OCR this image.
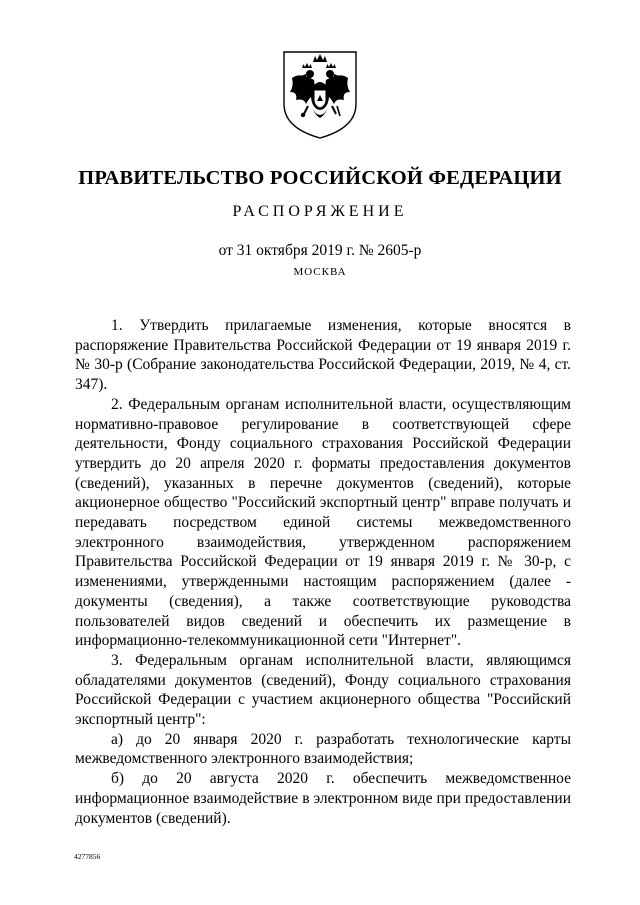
ПРАВИТЕЛЬСТВО РОССИЙСКОЙ ФЕДЕРАЦИИ
РАСПОРЯЖЕНИЕ
от 31 октября 2019 г. № 2605-р
МОСКВА

1. Утвердить прилагаемые изменения, которые вносятся в распоряжение Правительства Российской Федерации от 19 января 2019 г. № 30-р (Собрание законодательства Российской Федерации, 2019, № 4, ст. 347).

2. Федеральным органам исполнительной власти, осуществляющим нормативно-правовое регулирование в соответствующей сфере деятельности, Фонду социального страхования Российской Федерации утвердить до 20 апреля 2020 г. форматы предоставления документов (сведений), указанных в перечне документов (сведений), которые акционерное общество "Российский экспортный центр" вправе получать и передавать посредством единой системы межведомственного электронного взаимодействия, утвержденном распоряжением Правительства Российской Федерации от 19 января 2019 г. № 30-р, с изменениями, утвержденными настоящим распоряжением (далее - документы (сведения), а также соответствующие руководства пользователей видов сведений и обеспечить их размещение в информационно-телекоммуникационной сети "Интернет".

3. Федеральным органам исполнительной власти, являющимся обладателями документов (сведений), Фонду социального страхования Российской Федерации с участием акционерного общества "Российский экспортный центр":

а) до 20 января 2020 г. разработать технологические карты межведомственного электронного взаимодействия;

б) до 20 августа 2020 г. обеспечить межведомственное информационное взаимодействие в электронном виде при предоставлении документов (сведений).

4277856
